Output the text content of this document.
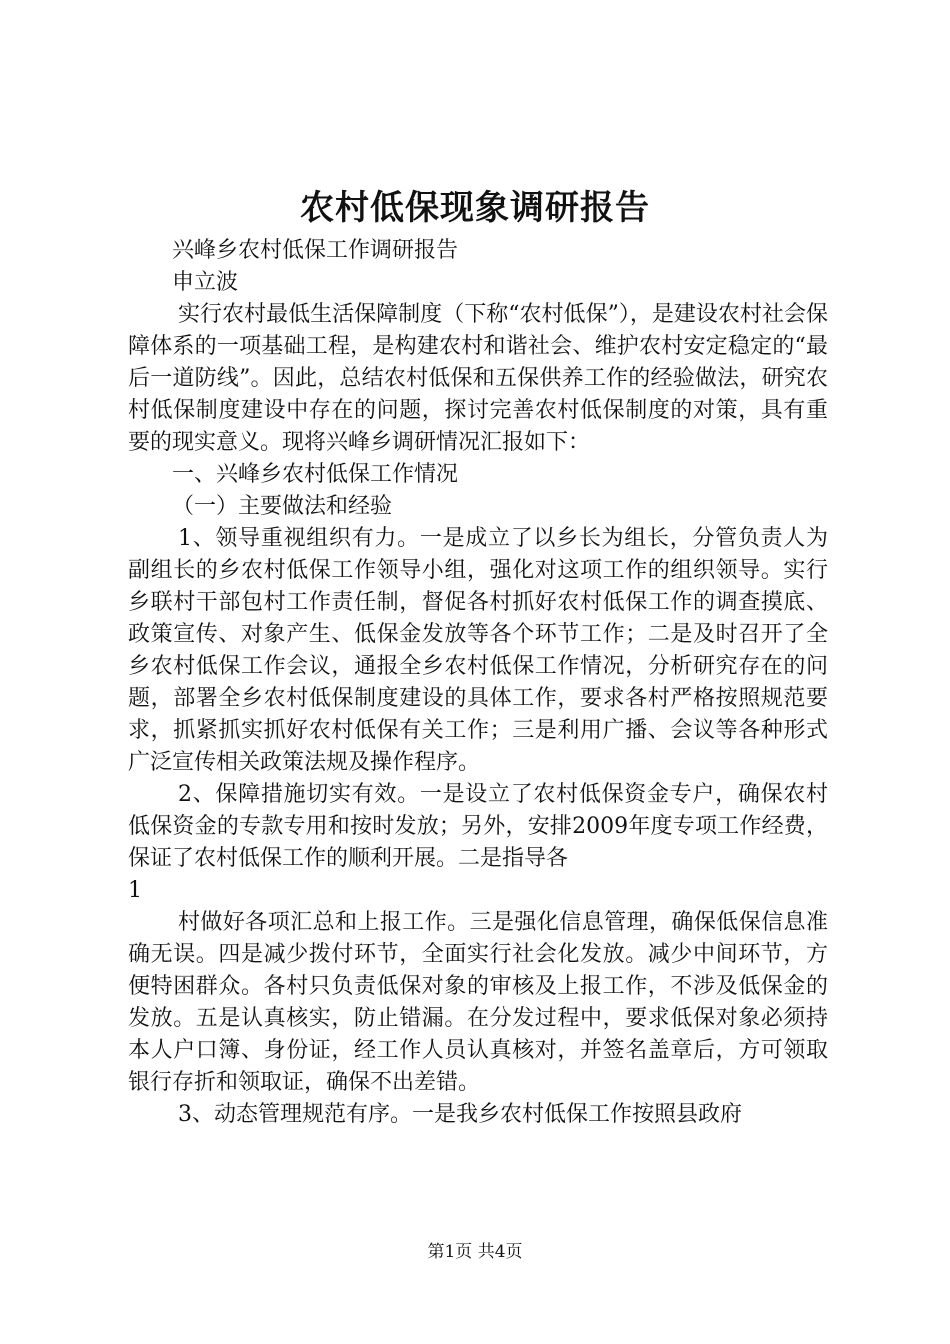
农村低保现象调研报告

兴峰乡农村低保工作调研报告

申立波

实行农村最低生活保障制度（下称“农村低保”），是建设农村社会保障体系的一项基础工程，是构建农村和谐社会、维护农村安定稳定的“最后一道防线”。因此，总结农村低保和五保供养工作的经验做法，研究农村低保制度建设中存在的问题，探讨完善农村低保制度的对策，具有重要的现实意义。现将兴峰乡调研情况汇报如下：

一、兴峰乡农村低保工作情况

（一）主要做法和经验

1、领导重视组织有力。一是成立了以乡长为组长，分管负责人为副组长的乡农村低保工作领导小组，强化对这项工作的组织领导。实行乡联村干部包村工作责任制，督促各村抓好农村低保工作的调查摸底、政策宣传、对象产生、低保金发放等各个环节工作；二是及时召开了全乡农村低保工作会议，通报全乡农村低保工作情况，分析研究存在的问题，部署全乡农村低保制度建设的具体工作，要求各村严格按照规范要求，抓紧抓实抓好农村低保有关工作；三是利用广播、会议等各种形式广泛宣传相关政策法规及操作程序。

2、保障措施切实有效。一是设立了农村低保资金专户，确保农村低保资金的专款专用和按时发放；另外，安排2009年度专项工作经费，保证了农村低保工作的顺利开展。二是指导各

1

村做好各项汇总和上报工作。三是强化信息管理，确保低保信息准确无误。四是减少拨付环节，全面实行社会化发放。减少中间环节，方便特困群众。各村只负责低保对象的审核及上报工作，不涉及低保金的发放。五是认真核实，防止错漏。在分发过程中，要求低保对象必须持本人户口簿、身份证，经工作人员认真核对，并签名盖章后，方可领取银行存折和领取证，确保不出差错。

3、动态管理规范有序。一是我乡农村低保工作按照县政府

第1页 共4页
